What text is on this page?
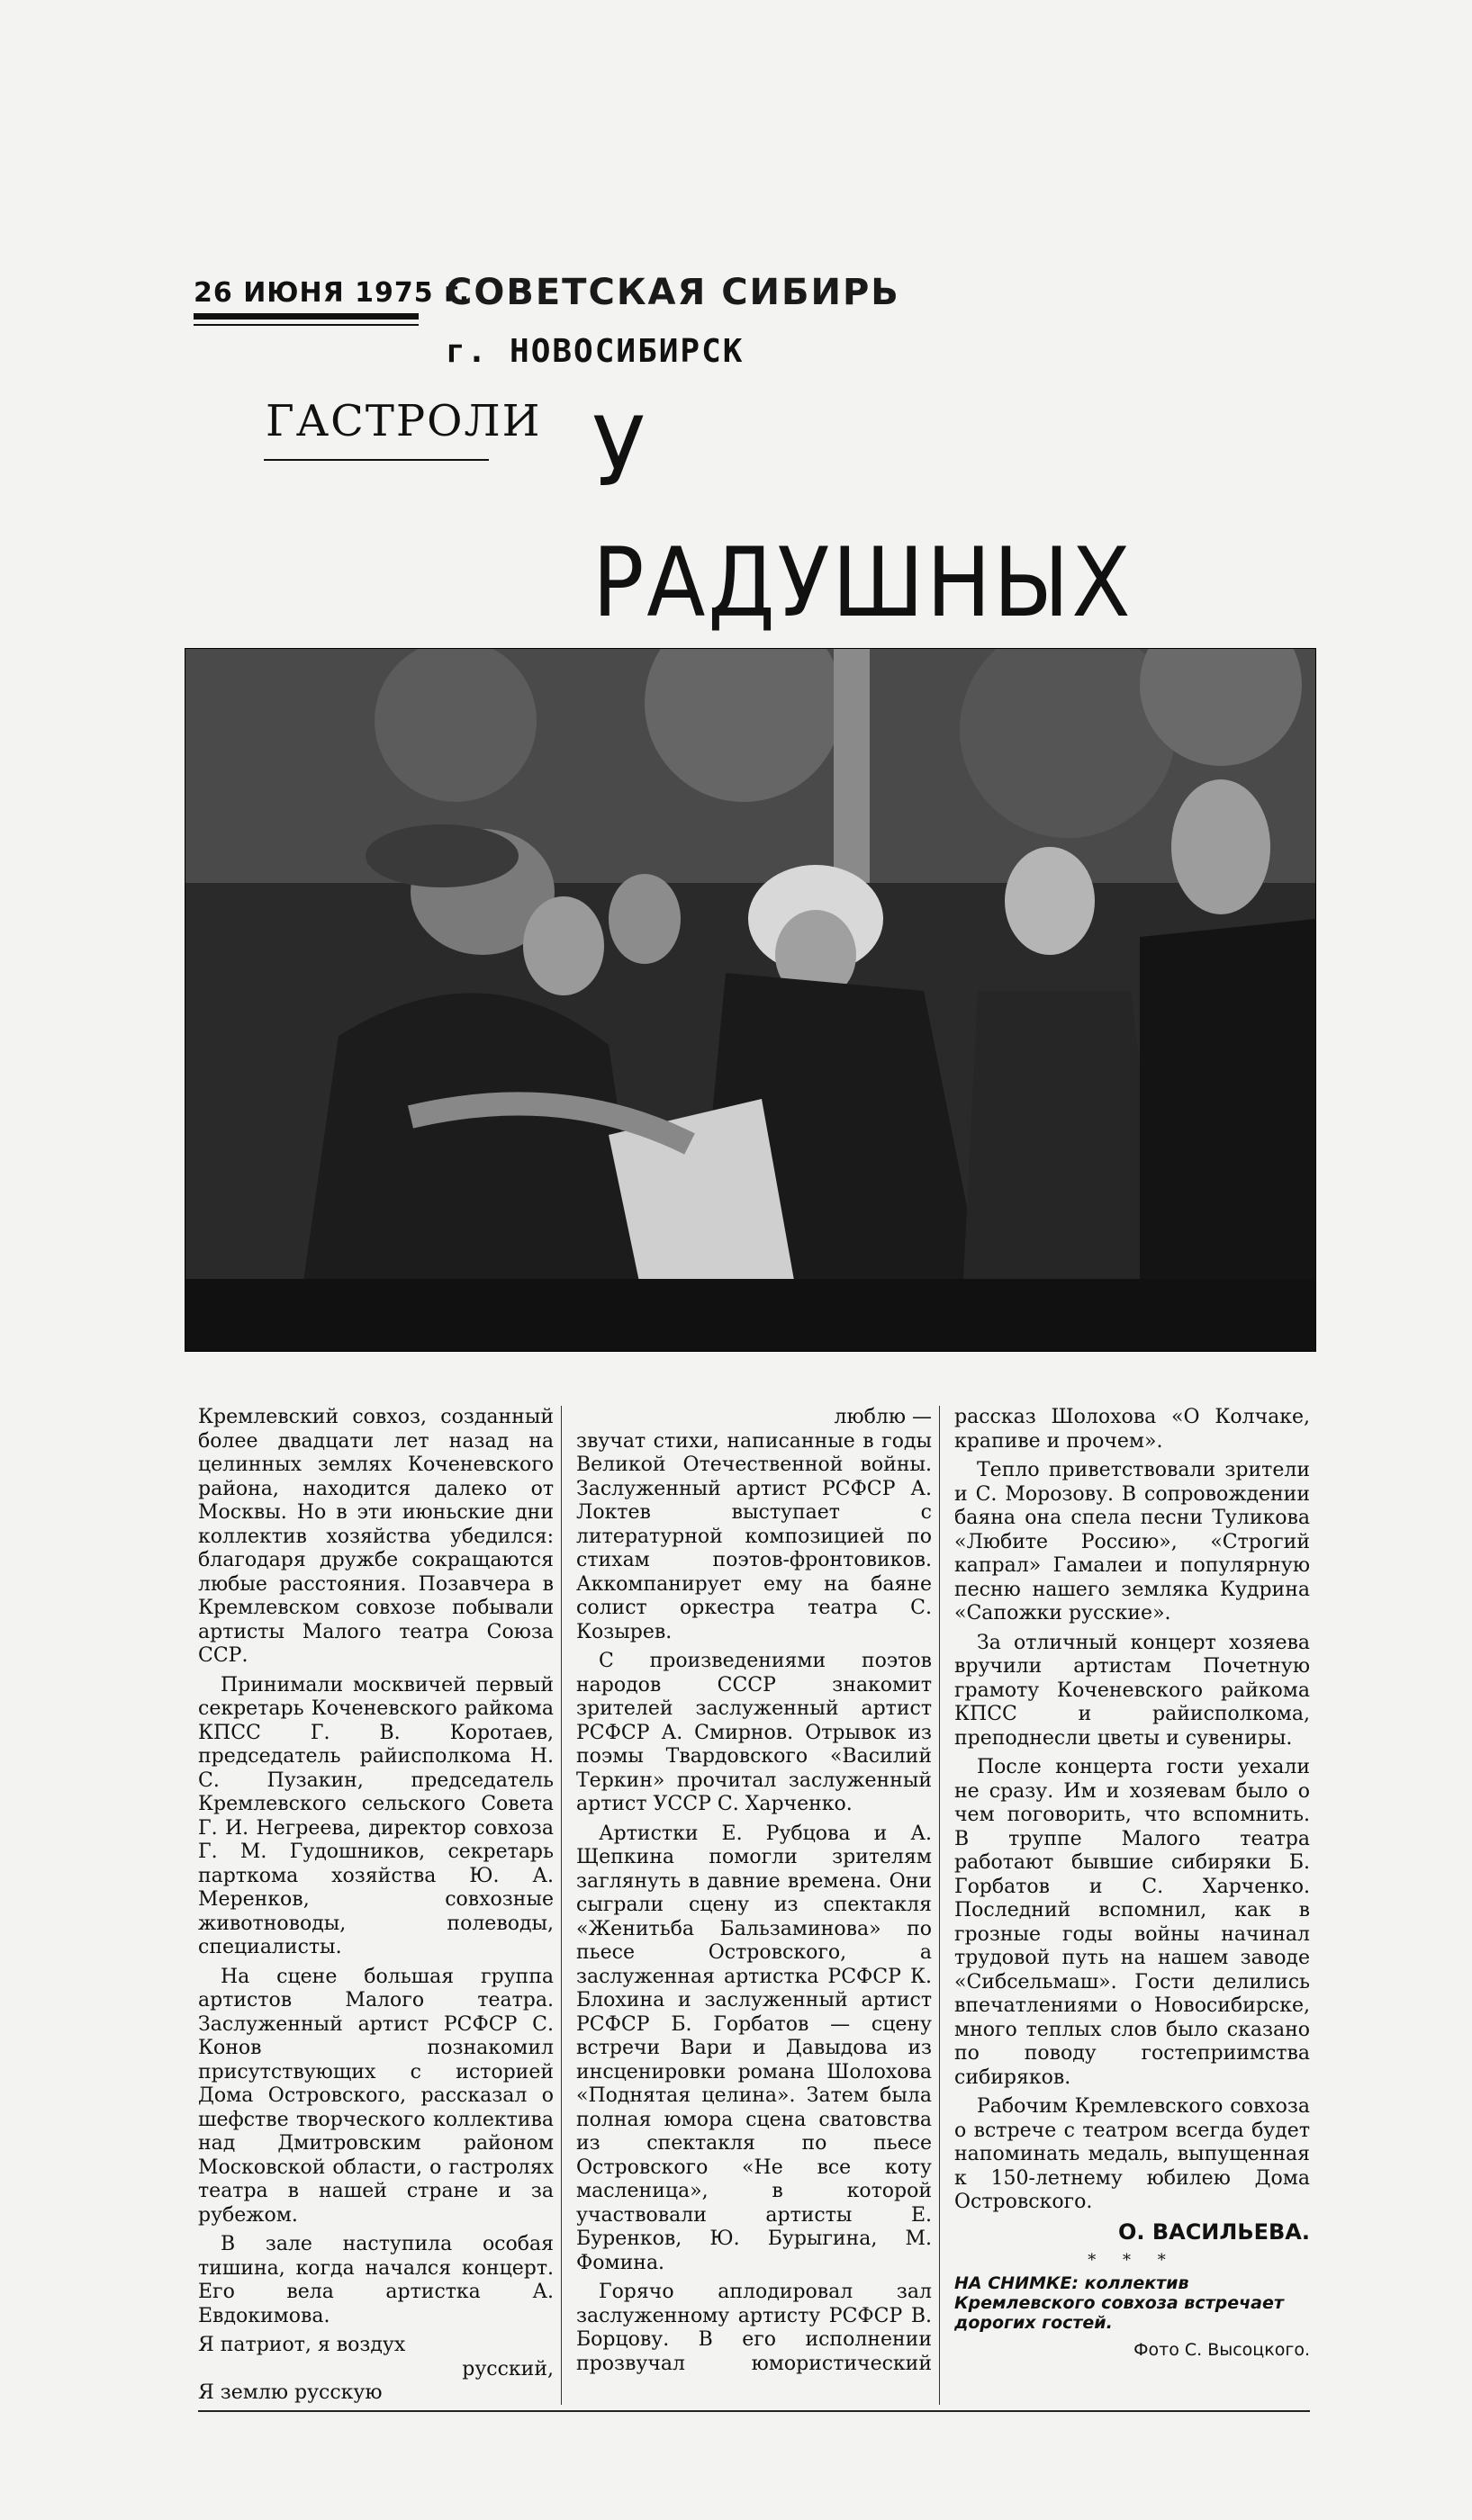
26 ИЮНЯ 1975 г.
СОВЕТСКАЯ СИБИРЬ
г. НОВОСИБИРСК
ГАСТРОЛИ У РАДУШНЫХ

Кремлевский совхоз, созданный более двадцати лет назад на целинных землях Коченевского района, находится далеко от Москвы. Но в эти июньские дни коллектив хозяйства убедился: благодаря дружбе сокращаются любые расстояния. Позавчера в Кремлевском совхозе побывали артисты Малого театра Союза ССР.

Принимали москвичей первый секретарь Коченевского райкома КПСС Г. В. Коротаев, председатель райисполкома Н. С. Пузакин, председатель Кремлевского сельского Совета Г. И. Негреева, директор совхоза Г. М. Гудошников, секретарь парткома хозяйства Ю. А. Меренков, совхозные животноводы, полеводы, специалисты.

На сцене большая группа артистов Малого театра. Заслуженный артист РСФСР С. Конов познакомил присутствующих с историей Дома Островского, рассказал о шефстве творческого коллектива над Дмитровским районом Московской области, о гастролях театра в нашей стране и за рубежом.

В зале наступила особая тишина, когда начался концерт. Его вела артистка А. Евдокимова.

Я патриот, я воздух

русский,

Я землю русскую

люблю —

звучат стихи, написанные в годы Великой Отечественной войны. Заслуженный артист РСФСР А. Локтев выступает с литературной композицией по стихам поэтов-фронтовиков. Аккомпанирует ему на баяне солист оркестра театра С. Козырев.

С произведениями поэтов народов СССР знакомит зрителей заслуженный артист РСФСР А. Смирнов. Отрывок из поэмы Твардовского «Василий Теркин» прочитал заслуженный артист УССР С. Харченко.

Артистки Е. Рубцова и А. Щепкина помогли зрителям заглянуть в давние времена. Они сыграли сцену из спектакля «Женитьба Бальзаминова» по пьесе Островского, а заслуженная артистка РСФСР К. Блохина и заслуженный артист РСФСР Б. Горбатов — сцену встречи Вари и Давыдова из инсценировки романа Шолохова «Поднятая целина». Затем была полная юмора сцена сватовства из спектакля по пьесе Островского «Не все коту масленица», в которой участвовали артисты Е. Буренков, Ю. Бурыгина, М. Фомина.

Горячо аплодировал зал заслуженному артисту РСФСР В. Борцову. В его исполнении прозвучал юмористический рассказ Шолохова «О Колчаке, крапиве и прочем».

Тепло приветствовали зрители и С. Морозову. В сопровождении баяна она спела песни Туликова «Любите Россию», «Строгий капрал» Гамалеи и популярную песню нашего земляка Кудрина «Сапожки русские».

За отличный концерт хозяева вручили артистам Почетную грамоту Коченевского райкома КПСС и райисполкома, преподнесли цветы и сувениры.

После концерта гости уехали не сразу. Им и хозяевам было о чем поговорить, что вспомнить. В труппе Малого театра работают бывшие сибиряки Б. Горбатов и С. Харченко. Последний вспомнил, как в грозные годы войны начинал трудовой путь на нашем заводе «Сибсельмаш». Гости делились впечатлениями о Новосибирске, много теплых слов было сказано по поводу гостеприимства сибиряков.

Рабочим Кремлевского совхоза о встрече с театром всегда будет напоминать медаль, выпущенная к 150-летнему юбилею Дома Островского.

О. ВАСИЛЬЕВА.

* * *

НА СНИМКЕ: коллектив Кремлевского совхоза встречает дорогих гостей.

Фото С. Высоцкого.
